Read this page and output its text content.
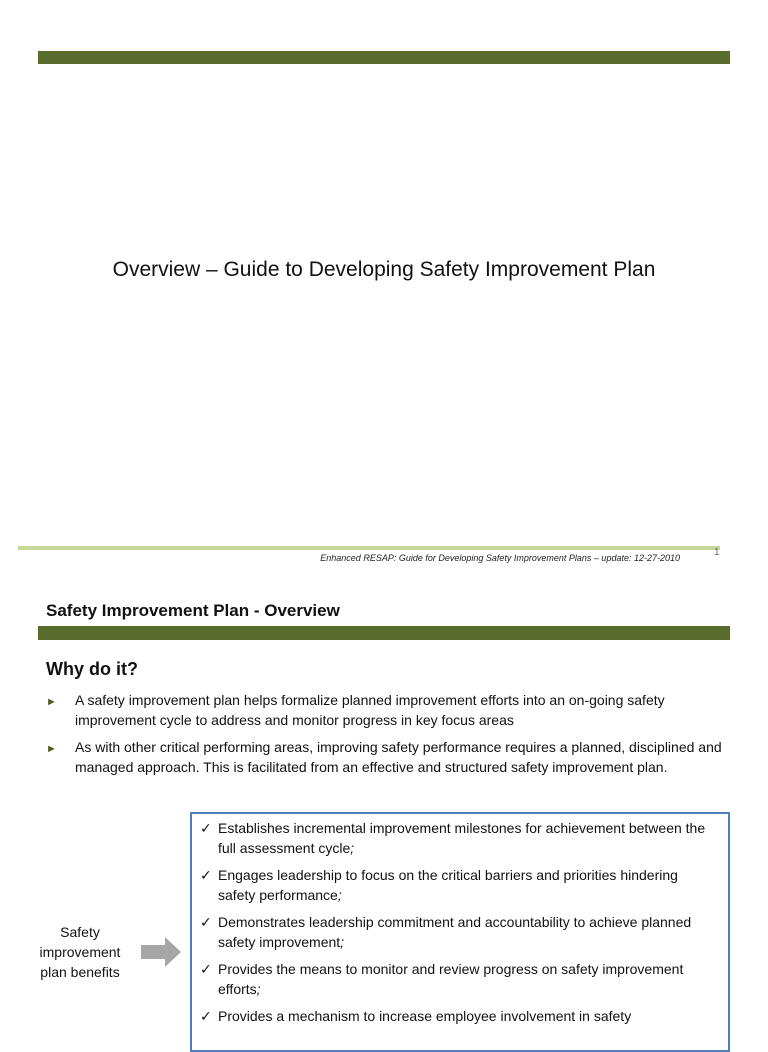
Overview – Guide to Developing Safety Improvement Plan
Enhanced RESAP: Guide for Developing Safety Improvement Plans – update: 12-27-2010	1
Safety Improvement Plan - Overview
Why do it?
► A safety improvement plan helps formalize planned improvement efforts into an on-going safety improvement cycle to address and monitor progress in key focus areas
► As with other critical performing areas, improving safety performance requires a planned, disciplined and managed approach. This is facilitated from an effective and structured safety improvement plan.
Safety improvement plan benefits
✓ Establishes incremental improvement milestones for achievement between the full assessment cycle;
✓ Engages leadership to focus on the critical barriers and priorities hindering safety performance;
✓ Demonstrates leadership commitment and accountability to achieve planned safety improvement;
✓ Provides the means to monitor and review progress on safety improvement efforts;
✓ Provides a mechanism to increase employee involvement in safety
